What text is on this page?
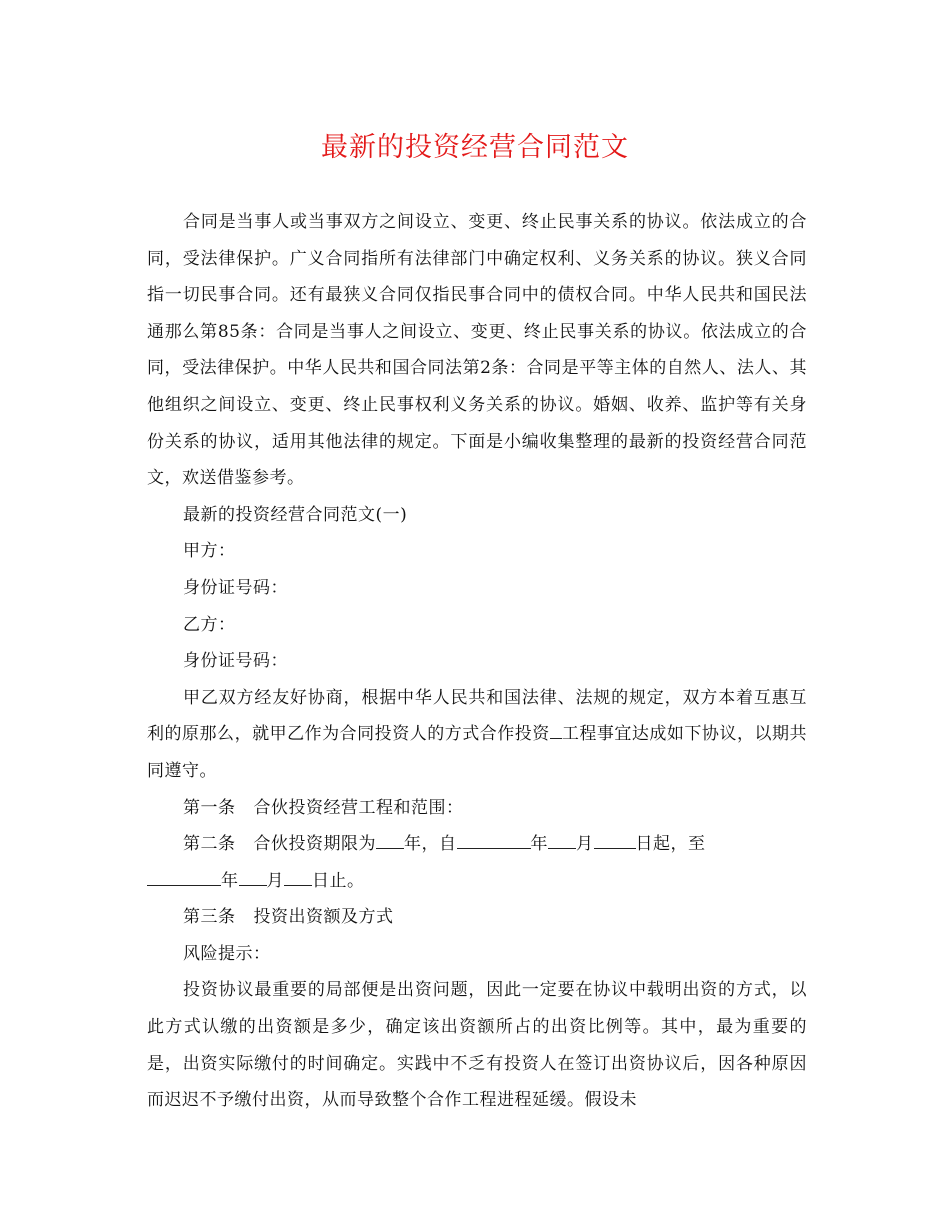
最新的投资经营合同范文

合同是当事人或当事双方之间设立、变更、终止民事关系的协议。依法成立的合同，受法律保护。广义合同指所有法律部门中确定权利、义务关系的协议。狭义合同指一切民事合同。还有最狭义合同仅指民事合同中的债权合同。中华人民共和国民法通那么第85条：合同是当事人之间设立、变更、终止民事关系的协议。依法成立的合同，受法律保护。中华人民共和国合同法第2条：合同是平等主体的自然人、法人、其他组织之间设立、变更、终止民事权利义务关系的协议。婚姻、收养、监护等有关身份关系的协议，适用其他法律的规定。下面是小编收集整理的最新的投资经营合同范文，欢送借鉴参考。

最新的投资经营合同范文(一)

甲方：

身份证号码：

乙方：

身份证号码：

甲乙双方经友好协商，根据中华人民共和国法律、法规的规定，双方本着互惠互利的原那么，就甲乙作为合同投资人的方式合作投资 工程事宜达成如下协议，以期共同遵守。

第一条 合伙投资经营工程和范围：

第二条 合伙投资期限为 年，自	年 月 日起，至

年 月 日止。

第三条 投资出资额及方式

风险提示：

投资协议最重要的局部便是出资问题，因此一定要在协议中载明出资的方式，以此方式认缴的出资额是多少，确定该出资额所占的出资比例等。其中，最为重要的是，出资实际缴付的时间确定。实践中不乏有投资人在签订出资协议后，因各种原因而迟迟不予缴付出资，从而导致整个合作工程进程延缓。假设未
